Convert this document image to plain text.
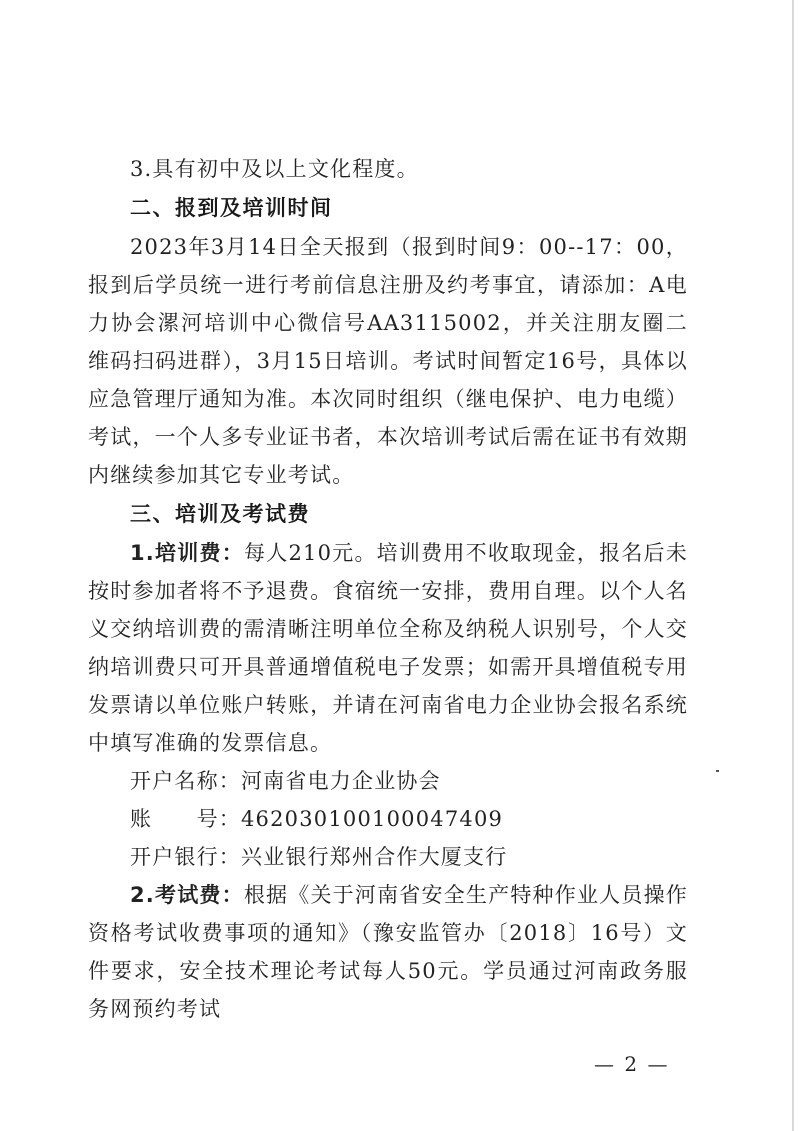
3.具有初中及以上文化程度。

二、报到及培训时间

2023年3月14日全天报到（报到时间9：00--17：00，报到后学员统一进行考前信息注册及约考事宜，请添加：A电力协会漯河培训中心微信号AA3115002，并关注朋友圈二维码扫码进群），3月15日培训。考试时间暂定16号，具体以应急管理厅通知为准。本次同时组织（继电保护、电力电缆）考试，一个人多专业证书者，本次培训考试后需在证书有效期内继续参加其它专业考试。

三、培训及考试费

1.培训费：每人210元。培训费用不收取现金，报名后未按时参加者将不予退费。食宿统一安排，费用自理。以个人名义交纳培训费的需清晰注明单位全称及纳税人识别号，个人交纳培训费只可开具普通增值税电子发票；如需开具增值税专用发票请以单位账户转账，并请在河南省电力企业协会报名系统中填写准确的发票信息。

开户名称：河南省电力企业协会

账　　号：462030100100047409

开户银行：兴业银行郑州合作大厦支行

2.考试费：根据《关于河南省安全生产特种作业人员操作资格考试收费事项的通知》（豫安监管办〔2018〕16号）文件要求，安全技术理论考试每人50元。学员通过河南政务服务网预约考试

— 2 —
